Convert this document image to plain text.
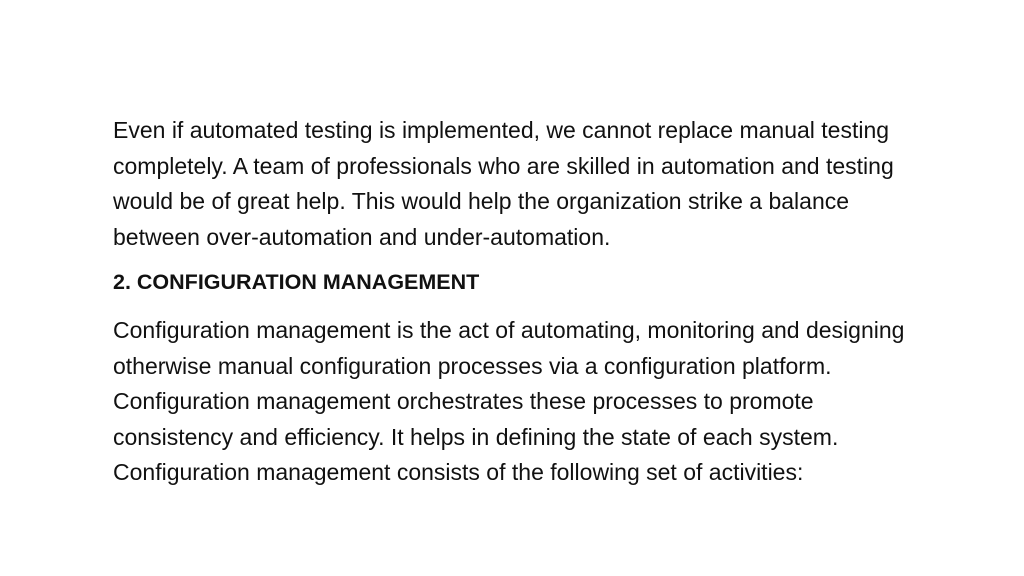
Even if automated testing is implemented, we cannot replace manual testing
completely. A team of professionals who are skilled in automation and testing
would be of great help. This would help the organization strike a balance
between over-automation and under-automation.

2. CONFIGURATION MANAGEMENT

Configuration management is the act of automating, monitoring and designing
otherwise manual configuration processes via a configuration platform.
Configuration management orchestrates these processes to promote
consistency and efficiency. It helps in defining the state of each system.
Configuration management consists of the following set of activities:
